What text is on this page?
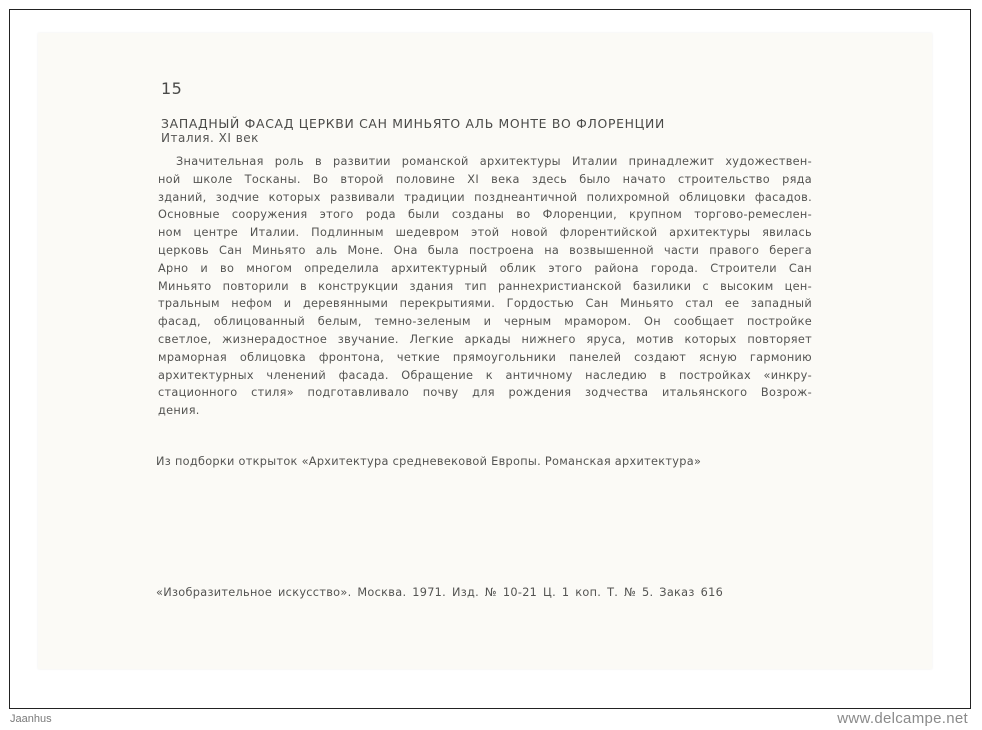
15
ЗАПАДНЫЙ ФАСАД ЦЕРКВИ САН МИНЬЯТО АЛЬ МОНТЕ ВО ФЛОРЕНЦИИ
Италия. XI век
Значительная роль в развитии романской архитектуры Италии принадлежит художествен-
ной школе Тосканы. Во второй половине XI века здесь было начато строительство ряда
зданий, зодчие которых развивали традиции позднеантичной полихромной облицовки фасадов.
Основные сооружения этого рода были созданы во Флоренции, крупном торгово-ремеслен-
ном центре Италии. Подлинным шедевром этой новой флорентийской архитектуры явилась
церковь Сан Миньято аль Моне. Она была построена на возвышенной части правого берега
Арно и во многом определила архитектурный облик этого района города. Строители Сан
Миньято повторили в конструкции здания тип раннехристианской базилики с высоким цен-
тральным нефом и деревянными перекрытиями. Гордостью Сан Миньято стал ее западный
фасад, облицованный белым, темно-зеленым и черным мрамором. Он сообщает постройке
светлое, жизнерадостное звучание. Легкие аркады нижнего яруса, мотив которых повторяет
мраморная облицовка фронтона, четкие прямоугольники панелей создают ясную гармонию
архитектурных членений фасада. Обращение к античному наследию в постройках «инкру-
стационного стиля» подготавливало почву для рождения зодчества итальянского Возрож-
дения.
Из подборки открыток «Архитектура средневековой Европы. Романская архитектура»
«Изобразительное искусство». Москва. 1971. Изд. № 10-21 Ц. 1 коп. Т. № 5. Заказ 616
Jaanhus	www.delcampe.net
